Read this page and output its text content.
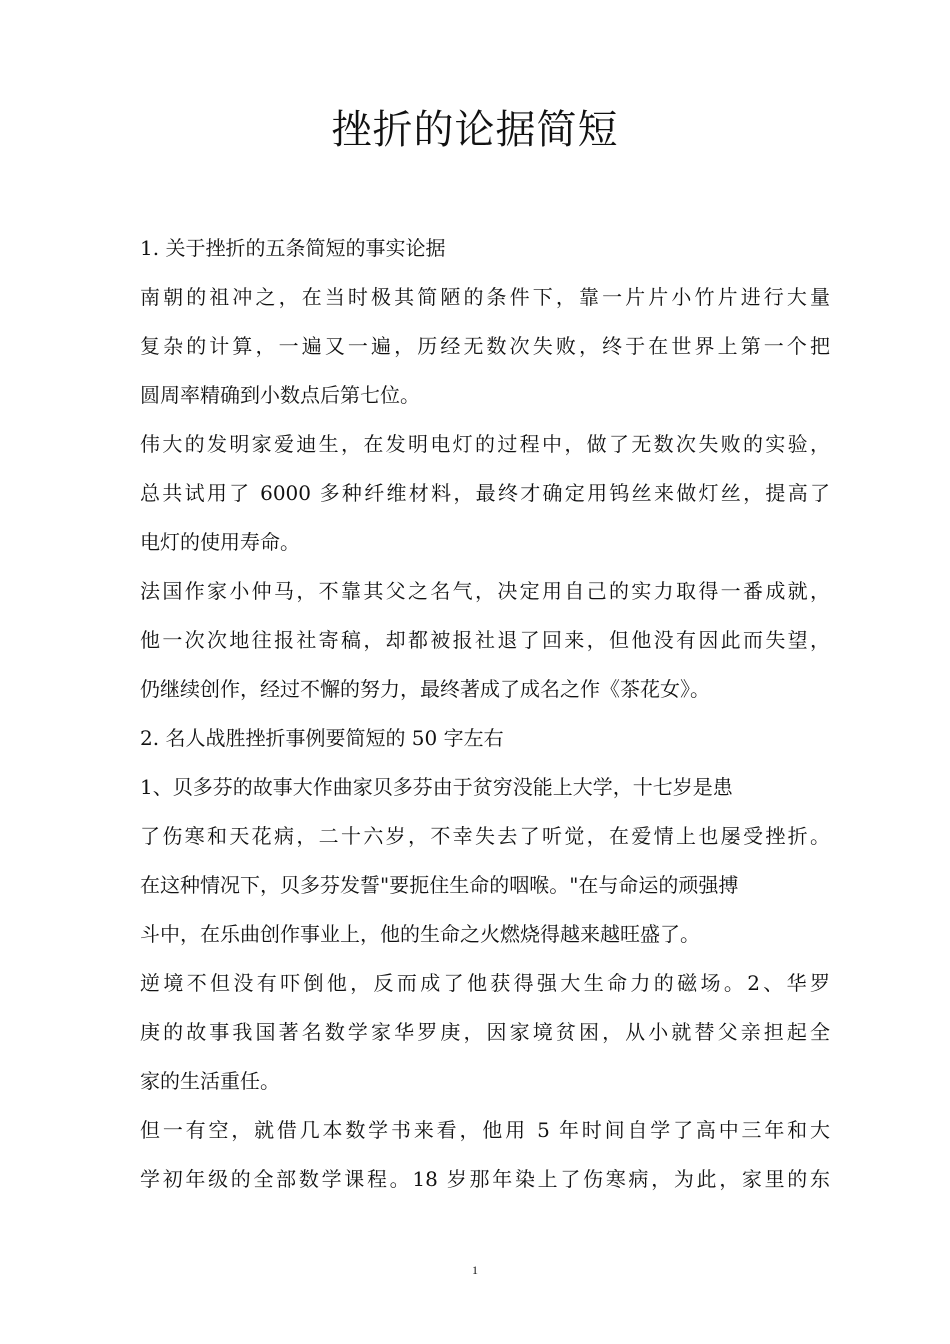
挫折的论据简短
1. 关于挫折的五条简短的事实论据
南朝的祖冲之，在当时极其简陋的条件下，靠一片片小竹片进行大量
复杂的计算，一遍又一遍，历经无数次失败，终于在世界上第一个把
圆周率精确到小数点后第七位。
伟大的发明家爱迪生，在发明电灯的过程中，做了无数次失败的实验，
总共试用了 6000 多种纤维材料，最终才确定用钨丝来做灯丝，提高了
电灯的使用寿命。
法国作家小仲马，不靠其父之名气，决定用自己的实力取得一番成就，
他一次次地往报社寄稿，却都被报社退了回来，但他没有因此而失望，
仍继续创作，经过不懈的努力，最终著成了成名之作《茶花女》。
2. 名人战胜挫折事例要简短的 50 字左右
1、贝多芬的故事大作曲家贝多芬由于贫穷没能上大学，十七岁是患
了伤寒和天花病，二十六岁，不幸失去了听觉，在爱情上也屡受挫折。
在这种情况下，贝多芬发誓"要扼住生命的咽喉。"在与命运的顽强搏
斗中，在乐曲创作事业上，他的生命之火燃烧得越来越旺盛了。
逆境不但没有吓倒他，反而成了他获得强大生命力的磁场。2、华罗
庚的故事我国著名数学家华罗庚，因家境贫困，从小就替父亲担起全
家的生活重任。
但一有空，就借几本数学书来看，他用 5 年时间自学了高中三年和大
学初年级的全部数学课程。18 岁那年染上了伤寒病，为此，家里的东
1
